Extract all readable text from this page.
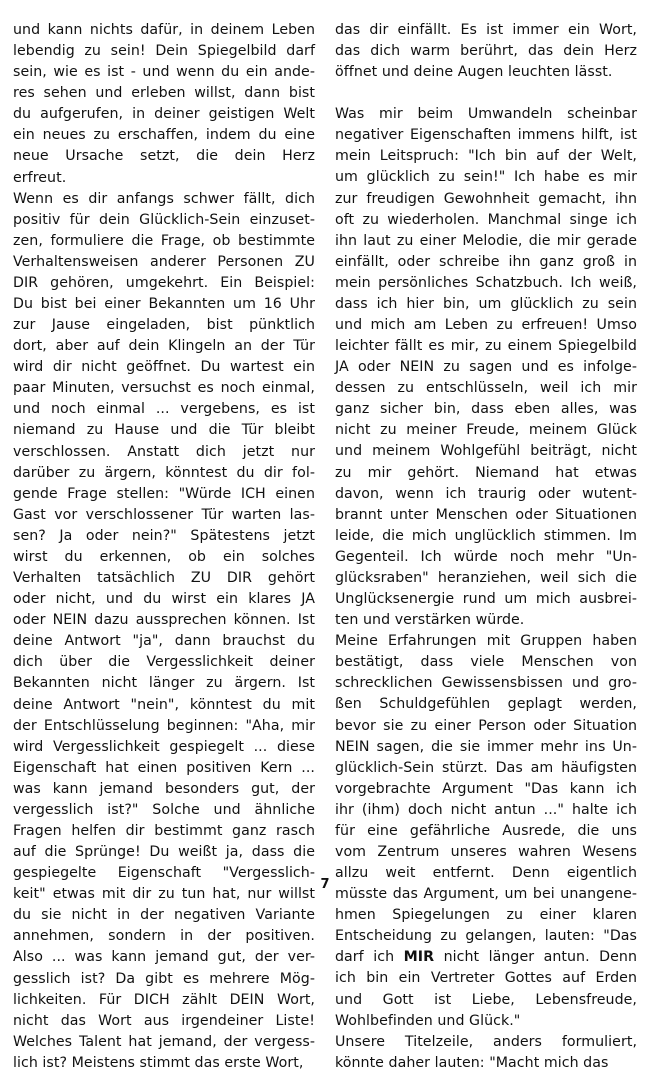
und kann nichts dafür, in deinem Leben
lebendig zu sein! Dein Spiegelbild darf
sein, wie es ist - und wenn du ein ande-
res sehen und erleben willst, dann bist
du aufgerufen, in deiner geistigen Welt
ein neues zu erschaffen, indem du eine
neue Ursache setzt, die dein Herz
erfreut.
Wenn es dir anfangs schwer fällt, dich
positiv für dein Glücklich-Sein einzuset-
zen, formuliere die Frage, ob bestimmte
Verhaltensweisen anderer Personen ZU
DIR gehören, umgekehrt. Ein Beispiel:
Du bist bei einer Bekannten um 16 Uhr
zur Jause eingeladen, bist pünktlich
dort, aber auf dein Klingeln an der Tür
wird dir nicht geöffnet. Du wartest ein
paar Minuten, versuchst es noch einmal,
und noch einmal ... vergebens, es ist
niemand zu Hause und die Tür bleibt
verschlossen. Anstatt dich jetzt nur
darüber zu ärgern, könntest du dir fol-
gende Frage stellen: "Würde ICH einen
Gast vor verschlossener Tür warten las-
sen? Ja oder nein?" Spätestens jetzt
wirst du erkennen, ob ein solches
Verhalten tatsächlich ZU DIR gehört
oder nicht, und du wirst ein klares JA
oder NEIN dazu aussprechen können. Ist
deine Antwort "ja", dann brauchst du
dich über die Vergesslichkeit deiner
Bekannten nicht länger zu ärgern. Ist
deine Antwort "nein", könntest du mit
der Entschlüsselung beginnen: "Aha, mir
wird Vergesslichkeit gespiegelt ... diese
Eigenschaft hat einen positiven Kern ...
was kann jemand besonders gut, der
vergesslich ist?" Solche und ähnliche
Fragen helfen dir bestimmt ganz rasch
auf die Sprünge! Du weißt ja, dass die
gespiegelte Eigenschaft "Vergesslich-
keit" etwas mit dir zu tun hat, nur willst
du sie nicht in der negativen Variante
annehmen, sondern in der positiven.
Also ... was kann jemand gut, der ver-
gesslich ist? Da gibt es mehrere Mög-
lichkeiten. Für DICH zählt DEIN Wort,
nicht das Wort aus irgendeiner Liste!
Welches Talent hat jemand, der vergess-
lich ist? Meistens stimmt das erste Wort,
das dir einfällt. Es ist immer ein Wort,
das dich warm berührt, das dein Herz
öffnet und deine Augen leuchten lässt.
Was mir beim Umwandeln scheinbar
negativer Eigenschaften immens hilft, ist
mein Leitspruch: "Ich bin auf der Welt,
um glücklich zu sein!" Ich habe es mir
zur freudigen Gewohnheit gemacht, ihn
oft zu wiederholen. Manchmal singe ich
ihn laut zu einer Melodie, die mir gerade
einfällt, oder schreibe ihn ganz groß in
mein persönliches Schatzbuch. Ich weiß,
dass ich hier bin, um glücklich zu sein
und mich am Leben zu erfreuen! Umso
leichter fällt es mir, zu einem Spiegelbild
JA oder NEIN zu sagen und es infolge-
dessen zu entschlüsseln, weil ich mir
ganz sicher bin, dass eben alles, was
nicht zu meiner Freude, meinem Glück
und meinem Wohlgefühl beiträgt, nicht
zu mir gehört. Niemand hat etwas
davon, wenn ich traurig oder wutent-
brannt unter Menschen oder Situationen
leide, die mich unglücklich stimmen. Im
Gegenteil. Ich würde noch mehr "Un-
glücksraben" heranziehen, weil sich die
Unglücksenergie rund um mich ausbrei-
ten und verstärken würde.
Meine Erfahrungen mit Gruppen haben
bestätigt, dass viele Menschen von
schrecklichen Gewissensbissen und gro-
ßen Schuldgefühlen geplagt werden,
bevor sie zu einer Person oder Situation
NEIN sagen, die sie immer mehr ins Un-
glücklich-Sein stürzt. Das am häufigsten
vorgebrachte Argument "Das kann ich
ihr (ihm) doch nicht antun ..." halte ich
für eine gefährliche Ausrede, die uns
vom Zentrum unseres wahren Wesens
allzu weit entfernt. Denn eigentlich
müsste das Argument, um bei unangene-
hmen Spiegelungen zu einer klaren
Entscheidung zu gelangen, lauten: "Das
darf ich MIR nicht länger antun. Denn
ich bin ein Vertreter Gottes auf Erden
und Gott ist Liebe, Lebensfreude,
Wohlbefinden und Glück."
Unsere Titelzeile, anders formuliert,
könnte daher lauten: "Macht mich das
7
